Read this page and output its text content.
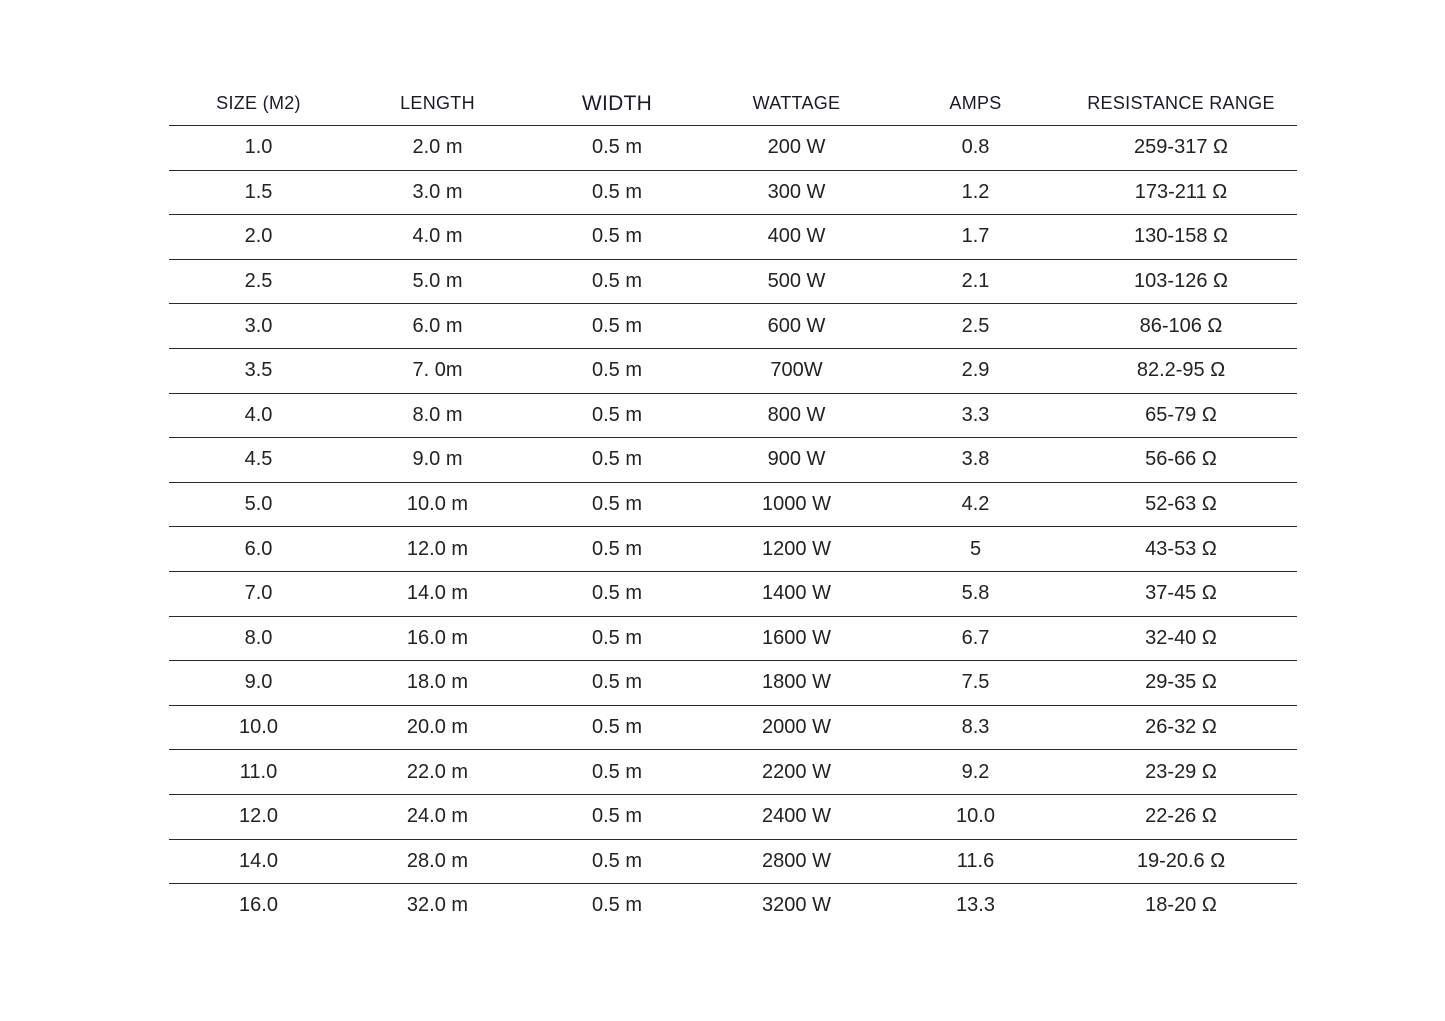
SIZE (M2)	LENGTH	WIDTH	WATTAGE	AMPS	RESISTANCE RANGE
1.0	2.0 m	0.5 m	200 W	0.8	259-317 Ω
1.5	3.0 m	0.5 m	300 W	1.2	173-211 Ω
2.0	4.0 m	0.5 m	400 W	1.7	130-158 Ω
2.5	5.0 m	0.5 m	500 W	2.1	103-126 Ω
3.0	6.0 m	0.5 m	600 W	2.5	86-106 Ω
3.5	7. 0m	0.5 m	700W	2.9	82.2-95 Ω
4.0	8.0 m	0.5 m	800 W	3.3	65-79 Ω
4.5	9.0 m	0.5 m	900 W	3.8	56-66 Ω
5.0	10.0 m	0.5 m	1000 W	4.2	52-63 Ω
6.0	12.0 m	0.5 m	1200 W	5	43-53 Ω
7.0	14.0 m	0.5 m	1400 W	5.8	37-45 Ω
8.0	16.0 m	0.5 m	1600 W	6.7	32-40 Ω
9.0	18.0 m	0.5 m	1800 W	7.5	29-35 Ω
10.0	20.0 m	0.5 m	2000 W	8.3	26-32 Ω
11.0	22.0 m	0.5 m	2200 W	9.2	23-29 Ω
12.0	24.0 m	0.5 m	2400 W	10.0	22-26 Ω
14.0	28.0 m	0.5 m	2800 W	11.6	19-20.6 Ω
16.0	32.0 m	0.5 m	3200 W	13.3	18-20 Ω
